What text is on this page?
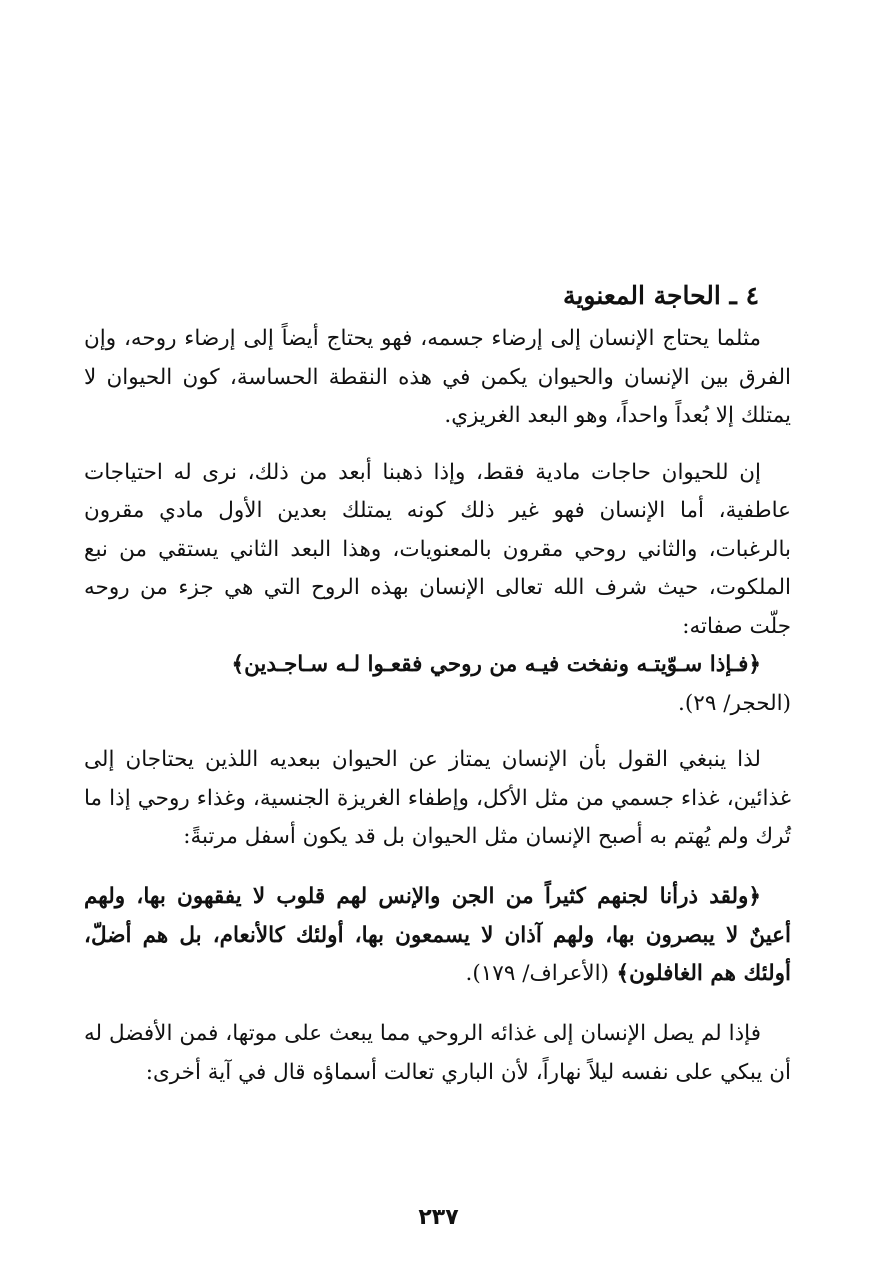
٤ ـ الحاجة المعنوية

مثلما يحتاج الإنسان إلى إرضاء جسمه، فهو يحتاج أيضاً إلى إرضاء روحه، وإن الفرق بين الإنسان والحيوان يكمن في هذه النقطة الحساسة، كون الحيوان لا يمتلك إلا بُعداً واحداً، وهو البعد الغريزي.

إن للحيوان حاجات مادية فقط، وإذا ذهبنا أبعد من ذلك، نرى له احتياجات عاطفية، أما الإنسان فهو غير ذلك كونه يمتلك بعدين الأول مادي مقرون بالرغبات، والثاني روحي مقرون بالمعنويات، وهذا البعد الثاني يستقي من نبع الملكوت، حيث شرف الله تعالى الإنسان بهذه الروح التي هي جزء من روحه جلّت صفاته:

﴿فـإذا سـوّيتـه ونفخت فيـه من روحي فقعـوا لـه سـاجـدين﴾

(الحجر/ ٢٩).

لذا ينبغي القول بأن الإنسان يمتاز عن الحيوان ببعديه اللذين يحتاجان إلى غذائين، غذاء جسمي من مثل الأكل، وإطفاء الغريزة الجنسية، وغذاء روحي إذا ما تُرك ولم يُهتم به أصبح الإنسان مثل الحيوان بل قد يكون أسفل مرتبةً:

﴿ولقد ذرأنا لجنهم كثيراً من الجن والإنس لهم قلوب لا يفقهون بها، ولهم أعينٌ لا يبصرون بها، ولهم آذان لا يسمعون بها، أولئك كالأنعام، بل هم أضلّ، أولئك هم الغافلون﴾ (الأعراف/ ١٧٩).

فإذا لم يصل الإنسان إلى غذائه الروحي مما يبعث على موتها، فمن الأفضل له أن يبكي على نفسه ليلاً نهاراً، لأن الباري تعالت أسماؤه قال في آية أخرى:

٢٣٧
